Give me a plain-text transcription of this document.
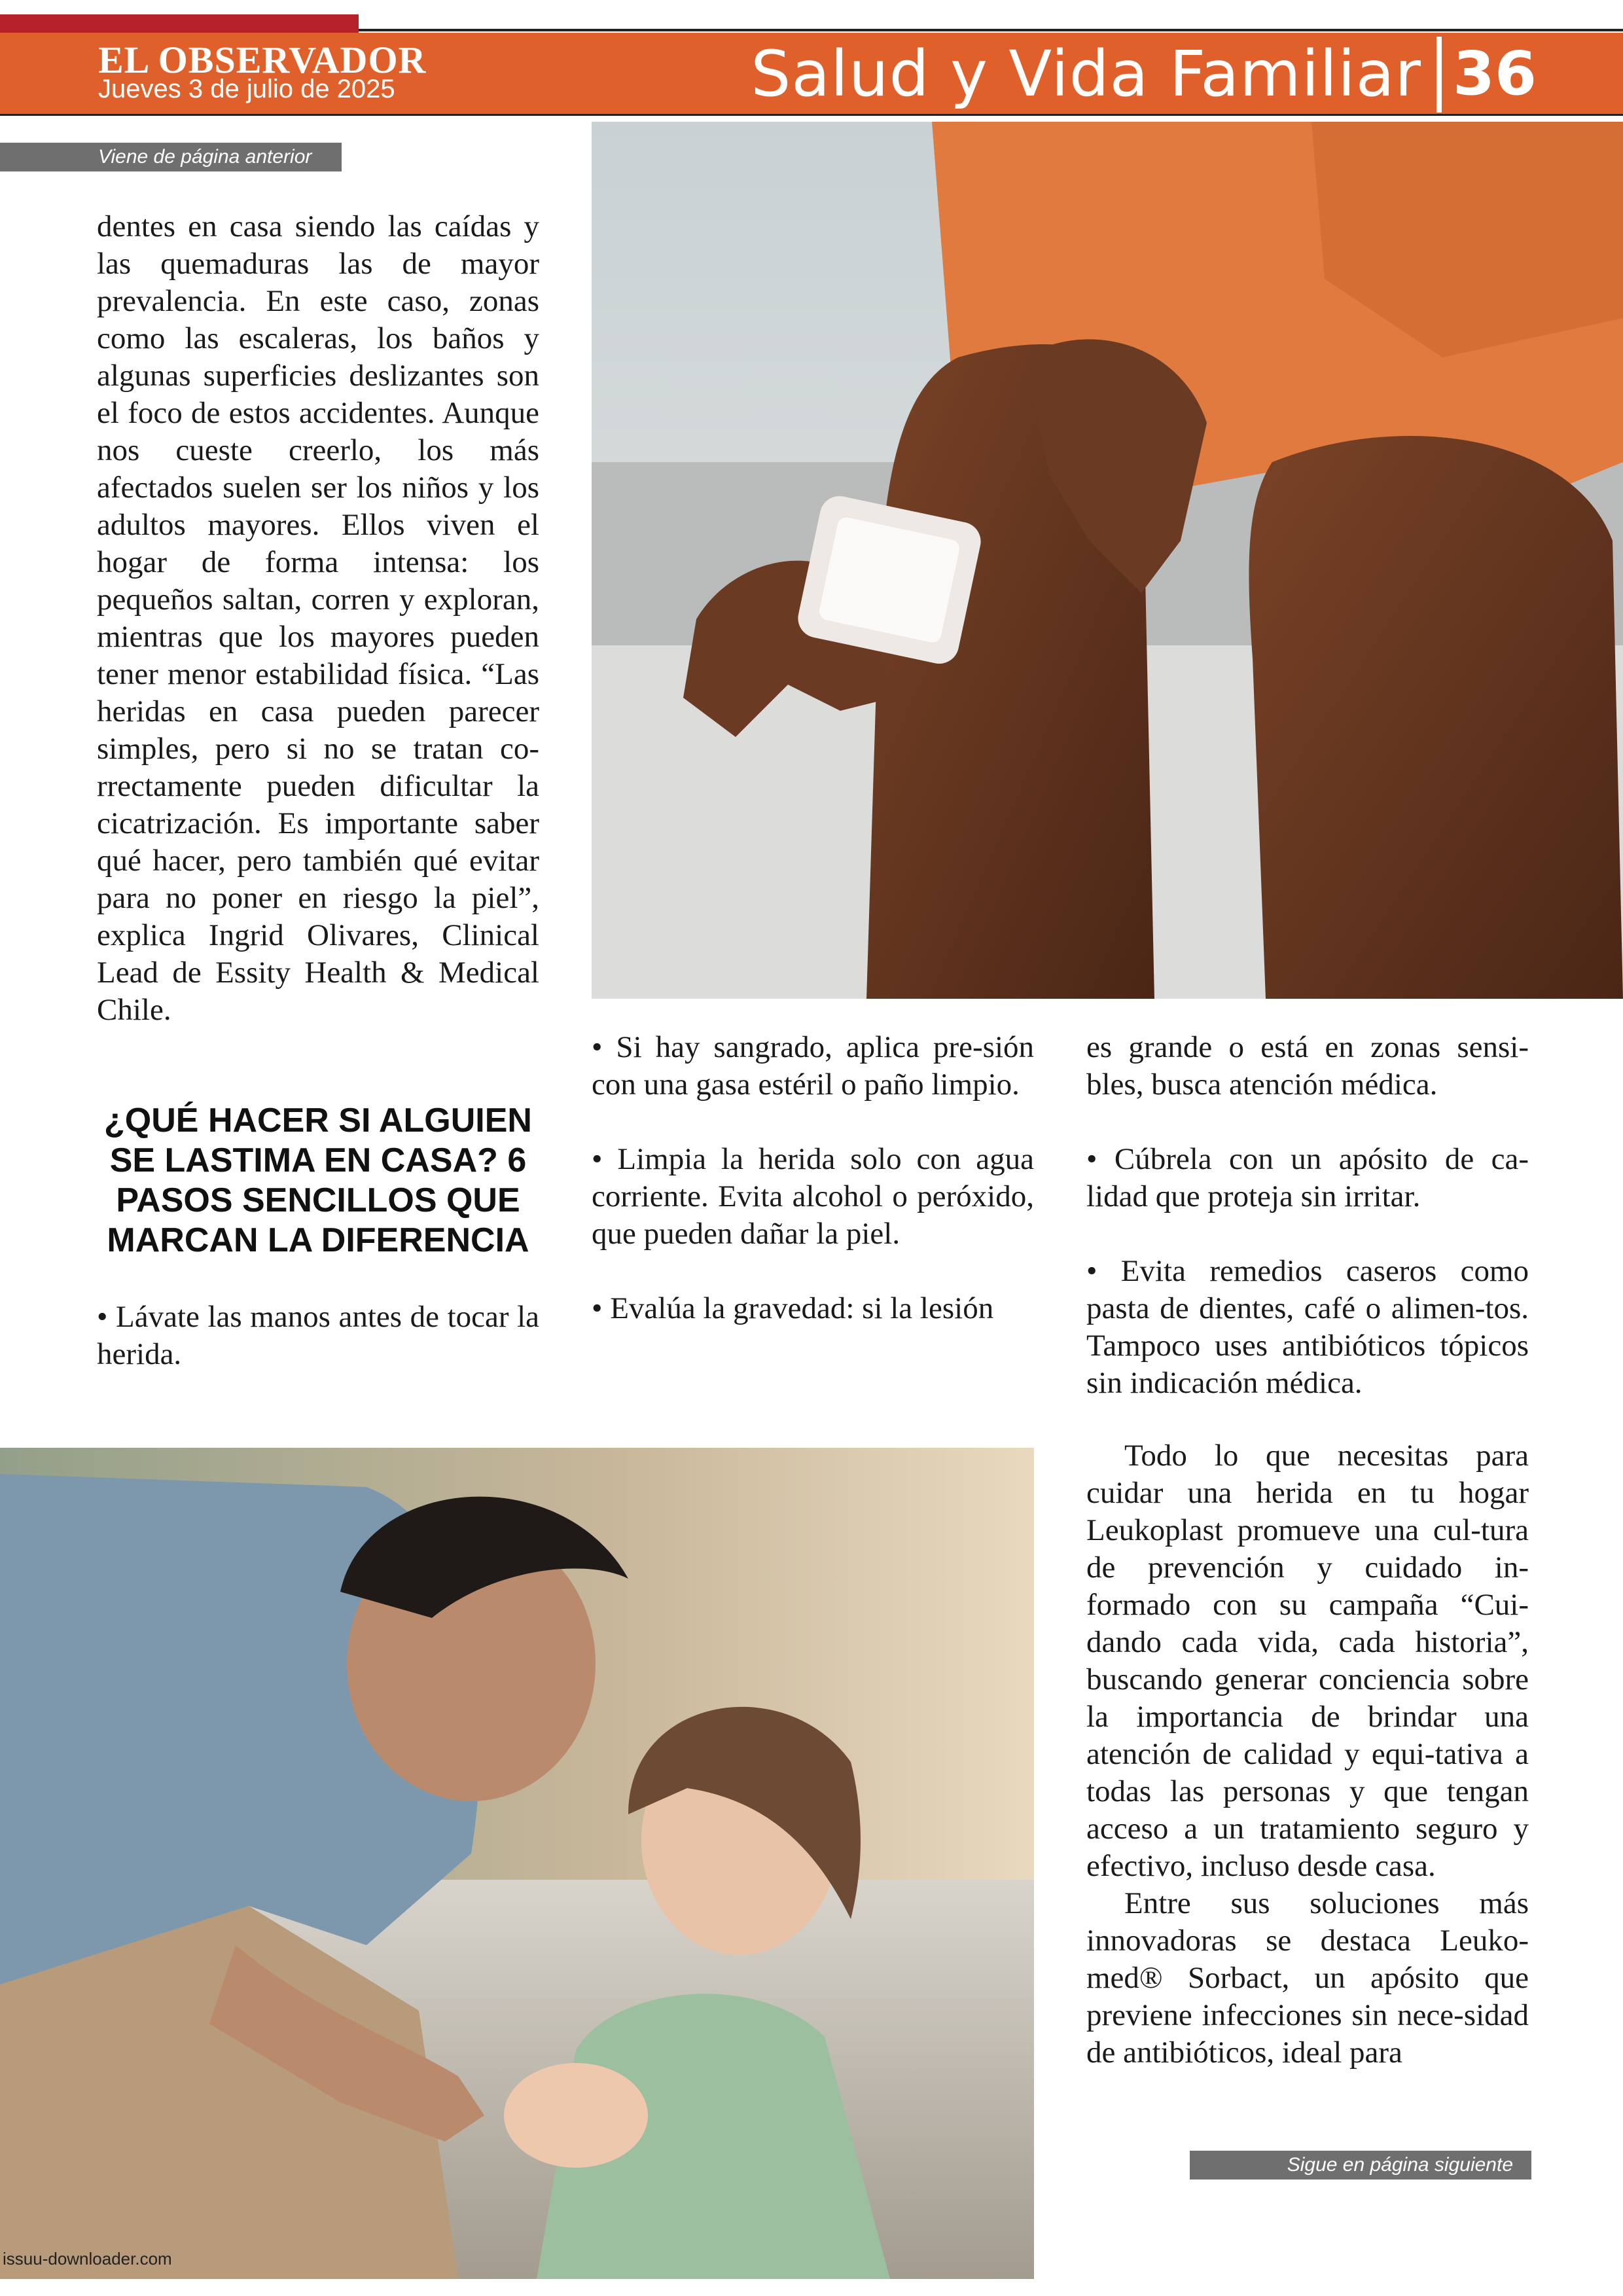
EL OBSERVADOR
Jueves 3 de julio de 2025	Salud y Vida Familiar 36
Viene de página anterior

dentes en casa siendo las caídas y las quemaduras las de mayor prevalencia. En este caso, zonas como las escaleras, los baños y algunas superficies deslizantes son el foco de estos accidentes. Aunque nos cueste creerlo, los más afectados suelen ser los niños y los adultos mayores. Ellos viven el hogar de forma intensa: los pequeños saltan, corren y exploran, mientras que los mayores pueden tener menor estabilidad física. “Las heridas en casa pueden parecer simples, pero si no se tratan co-rrectamente pueden dificultar la cicatrización. Es importante saber qué hacer, pero también qué evitar para no poner en riesgo la piel”, explica Ingrid Olivares, Clinical Lead de Essity Health & Medical Chile.

¿QUÉ HACER SI ALGUIEN SE LASTIMA EN CASA? 6 PASOS SENCILLOS QUE MARCAN LA DIFERENCIA

• Lávate las manos antes de tocar la herida.

• Si hay sangrado, aplica pre-sión con una gasa estéril o paño limpio.

• Limpia la herida solo con agua corriente. Evita alcohol o peróxido, que pueden dañar la piel.

• Evalúa la gravedad: si la lesión

es grande o está en zonas sensi-bles, busca atención médica.

• Cúbrela con un apósito de ca-lidad que proteja sin irritar.

• Evita remedios caseros como pasta de dientes, café o alimen-tos. Tampoco uses antibióticos tópicos sin indicación médica.

Todo lo que necesitas para cuidar una herida en tu hogar Leukoplast promueve una cul-tura de prevención y cuidado in-formado con su campaña “Cui-dando cada vida, cada historia”, buscando generar conciencia sobre la importancia de brindar una atención de calidad y equi-tativa a todas las personas y que tengan acceso a un tratamiento seguro y efectivo, incluso desde casa.

Entre sus soluciones más innovadoras se destaca Leuko-med® Sorbact, un apósito que previene infecciones sin nece-sidad de antibióticos, ideal para

Sigue en página siguiente
issuu-downloader.com
